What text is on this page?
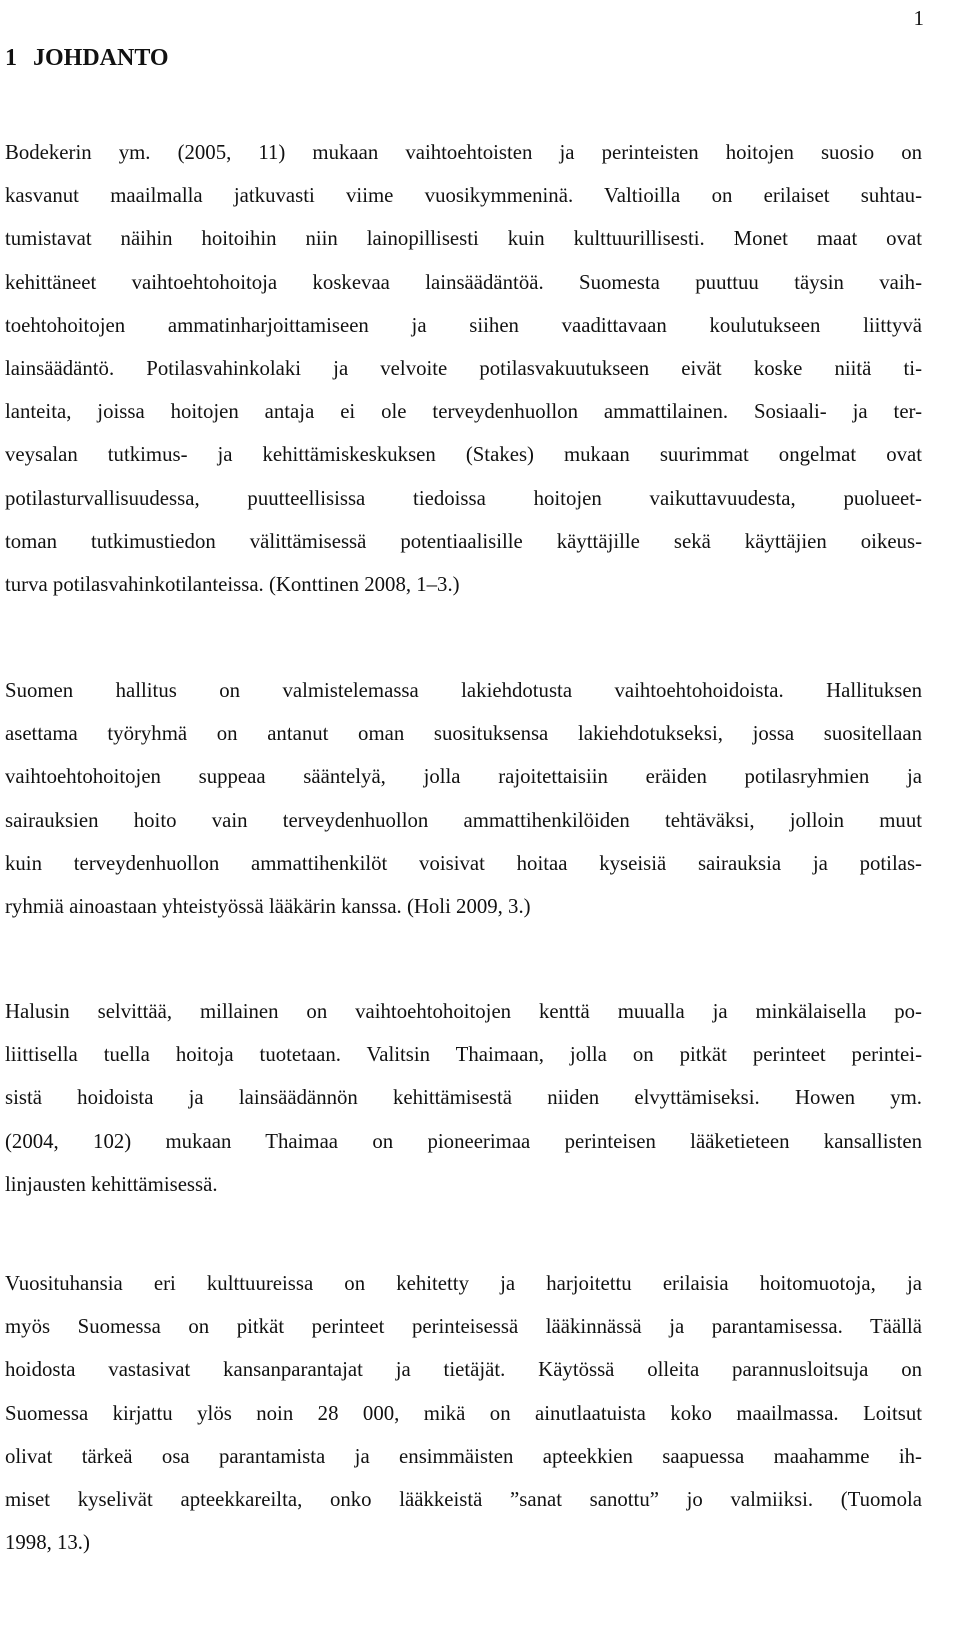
1
1 JOHDANTO

Bodekerin ym. (2005, 11) mukaan vaihtoehtoisten ja perinteisten hoitojen suosio on
kasvanut maailmalla jatkuvasti viime vuosikymmeninä. Valtioilla on erilaiset suhtau-
tumistavat näihin hoitoihin niin lainopillisesti kuin kulttuurillisesti. Monet maat ovat
kehittäneet vaihtoehtohoitoja koskevaa lainsäädäntöä. Suomesta puuttuu täysin vaih-
toehtohoitojen ammatinharjoittamiseen ja siihen vaadittavaan koulutukseen liittyvä
lainsäädäntö. Potilasvahinkolaki ja velvoite potilasvakuutukseen eivät koske niitä ti-
lanteita, joissa hoitojen antaja ei ole terveydenhuollon ammattilainen. Sosiaali- ja ter-
veysalan tutkimus- ja kehittämiskeskuksen (Stakes) mukaan suurimmat ongelmat ovat
potilasturvallisuudessa, puutteellisissa tiedoissa hoitojen vaikuttavuudesta, puolueet-
toman tutkimustiedon välittämisessä potentiaalisille käyttäjille sekä käyttäjien oikeus-
turva potilasvahinkotilanteissa. (Konttinen 2008, 1–3.)

Suomen hallitus on valmistelemassa lakiehdotusta vaihtoehtohoidoista. Hallituksen
asettama työryhmä on antanut oman suosituksensa lakiehdotukseksi, jossa suositellaan
vaihtoehtohoitojen suppeaa sääntelyä, jolla rajoitettaisiin eräiden potilasryhmien ja
sairauksien hoito vain terveydenhuollon ammattihenkilöiden tehtäväksi, jolloin muut
kuin terveydenhuollon ammattihenkilöt voisivat hoitaa kyseisiä sairauksia ja potilas-
ryhmiä ainoastaan yhteistyössä lääkärin kanssa. (Holi 2009, 3.)

Halusin selvittää, millainen on vaihtoehtohoitojen kenttä muualla ja minkälaisella po-
liittisella tuella hoitoja tuotetaan. Valitsin Thaimaan, jolla on pitkät perinteet perintei-
sistä hoidoista ja lainsäädännön kehittämisestä niiden elvyttämiseksi. Howen ym.
(2004, 102) mukaan Thaimaa on pioneerimaa perinteisen lääketieteen kansallisten
linjausten kehittämisessä.

Vuosituhansia eri kulttuureissa on kehitetty ja harjoitettu erilaisia hoitomuotoja, ja
myös Suomessa on pitkät perinteet perinteisessä lääkinnässä ja parantamisessa. Täällä
hoidosta vastasivat kansanparantajat ja tietäjät. Käytössä olleita parannusloitsuja on
Suomessa kirjattu ylös noin 28 000, mikä on ainutlaatuista koko maailmassa. Loitsut
olivat tärkeä osa parantamista ja ensimmäisten apteekkien saapuessa maahamme ih-
miset kyselivät apteekkareilta, onko lääkkeistä ”sanat sanottu” jo valmiiksi. (Tuomola
1998, 13.)
